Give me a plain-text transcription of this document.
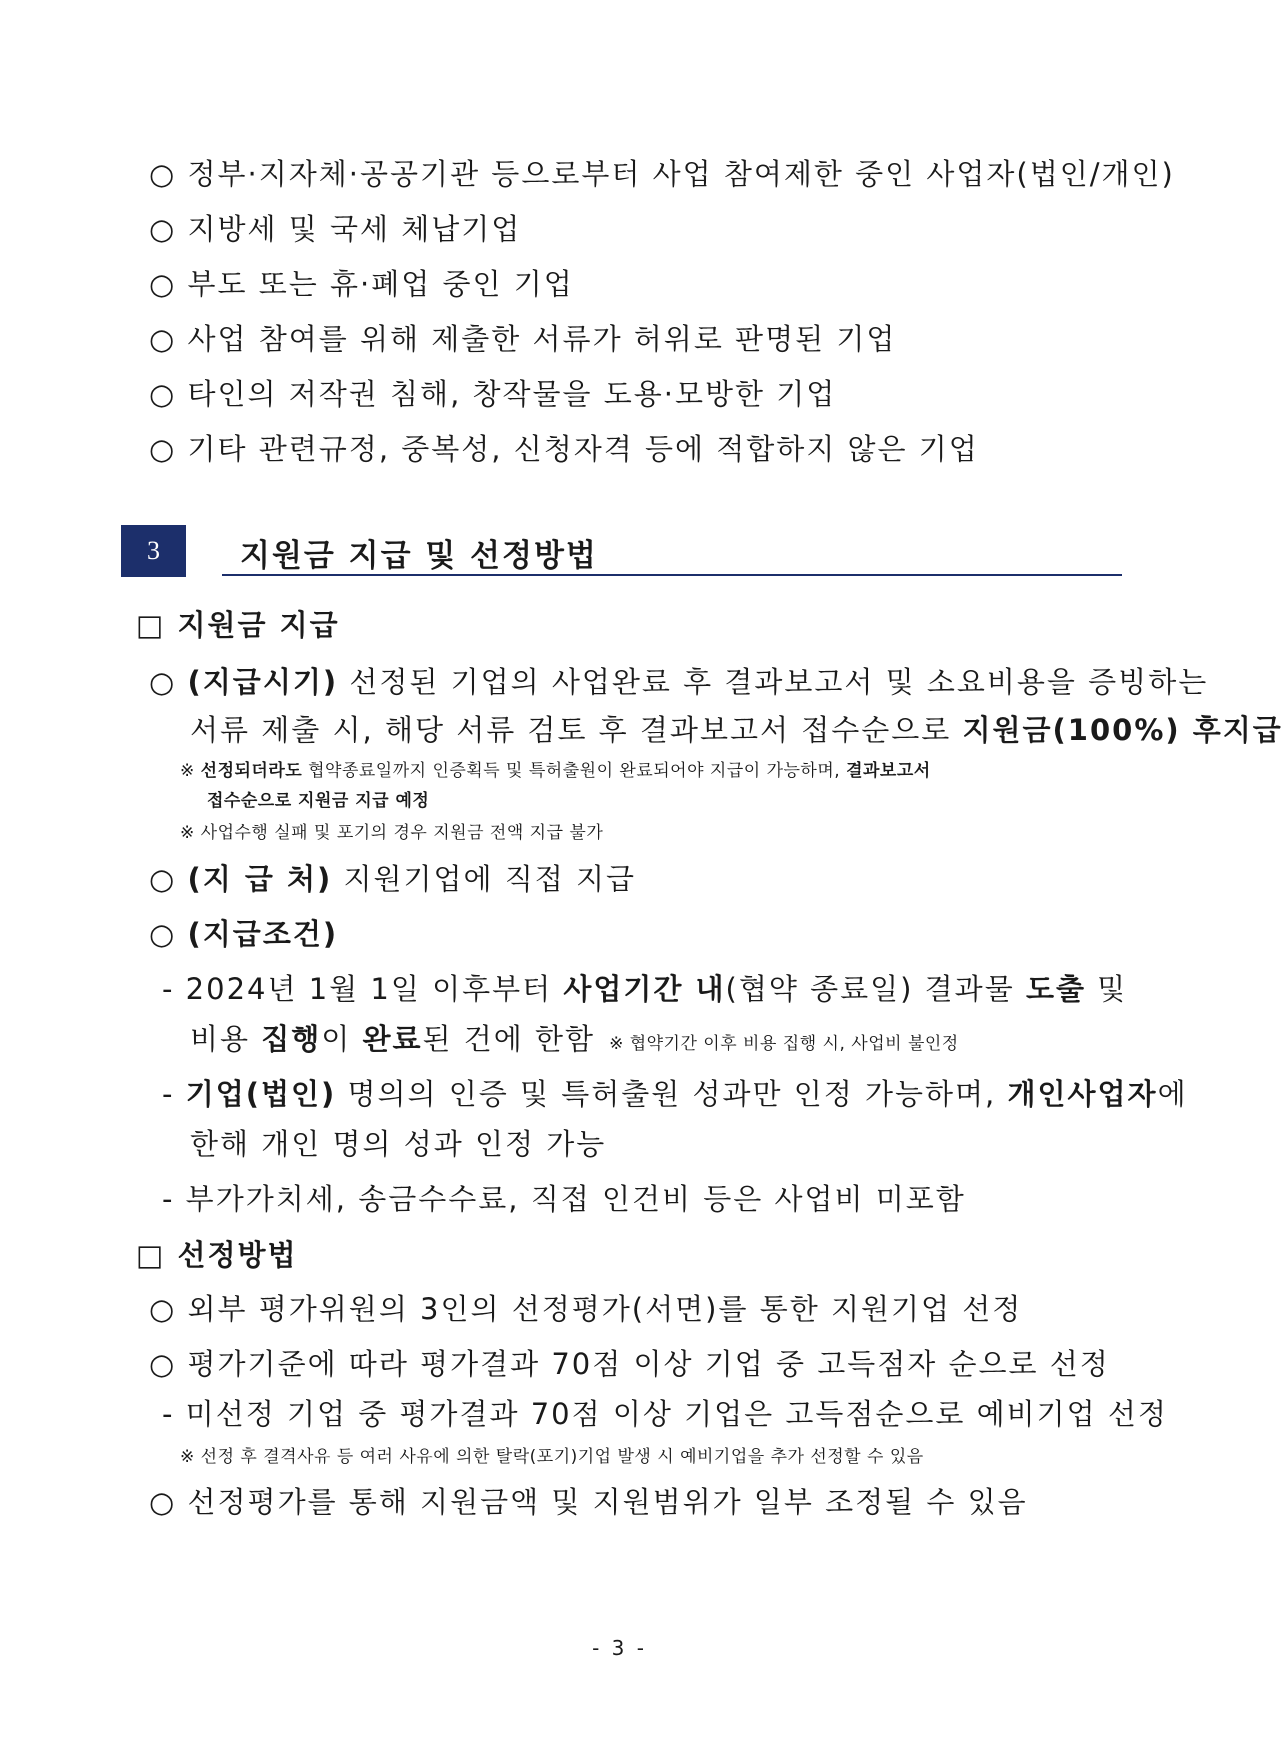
○ 정부·지자체·공공기관 등으로부터 사업 참여제한 중인 사업자(법인/개인)
○ 지방세 및 국세 체납기업
○ 부도 또는 휴·폐업 중인 기업
○ 사업 참여를 위해 제출한 서류가 허위로 판명된 기업
○ 타인의 저작권 침해, 창작물을 도용·모방한 기업
○ 기타 관련규정, 중복성, 신청자격 등에 적합하지 않은 기업
3	지원금 지급 및 선정방법
□ 지원금 지급
○ (지급시기) 선정된 기업의 사업완료 후 결과보고서 및 소요비용을 증빙하는
서류 제출 시, 해당 서류 검토 후 결과보고서 접수순으로 지원금(100%) 후지급
※ 선정되더라도 협약종료일까지 인증획득 및 특허출원이 완료되어야 지급이 가능하며, 결과보고서
접수순으로 지원금 지급 예정
※ 사업수행 실패 및 포기의 경우 지원금 전액 지급 불가
○ (지 급 처) 지원기업에 직접 지급
○ (지급조건)
- 2024년 1월 1일 이후부터 사업기간 내(협약 종료일) 결과물 도출 및
비용 집행이 완료된 건에 한함 ※ 협약기간 이후 비용 집행 시, 사업비 불인정
- 기업(법인) 명의의 인증 및 특허출원 성과만 인정 가능하며, 개인사업자에
한해 개인 명의 성과 인정 가능
- 부가가치세, 송금수수료, 직접 인건비 등은 사업비 미포함
□ 선정방법
○ 외부 평가위원의 3인의 선정평가(서면)를 통한 지원기업 선정
○ 평가기준에 따라 평가결과 70점 이상 기업 중 고득점자 순으로 선정
- 미선정 기업 중 평가결과 70점 이상 기업은 고득점순으로 예비기업 선정
※ 선정 후 결격사유 등 여러 사유에 의한 탈락(포기)기업 발생 시 예비기업을 추가 선정할 수 있음
○ 선정평가를 통해 지원금액 및 지원범위가 일부 조정될 수 있음
- 3 -
